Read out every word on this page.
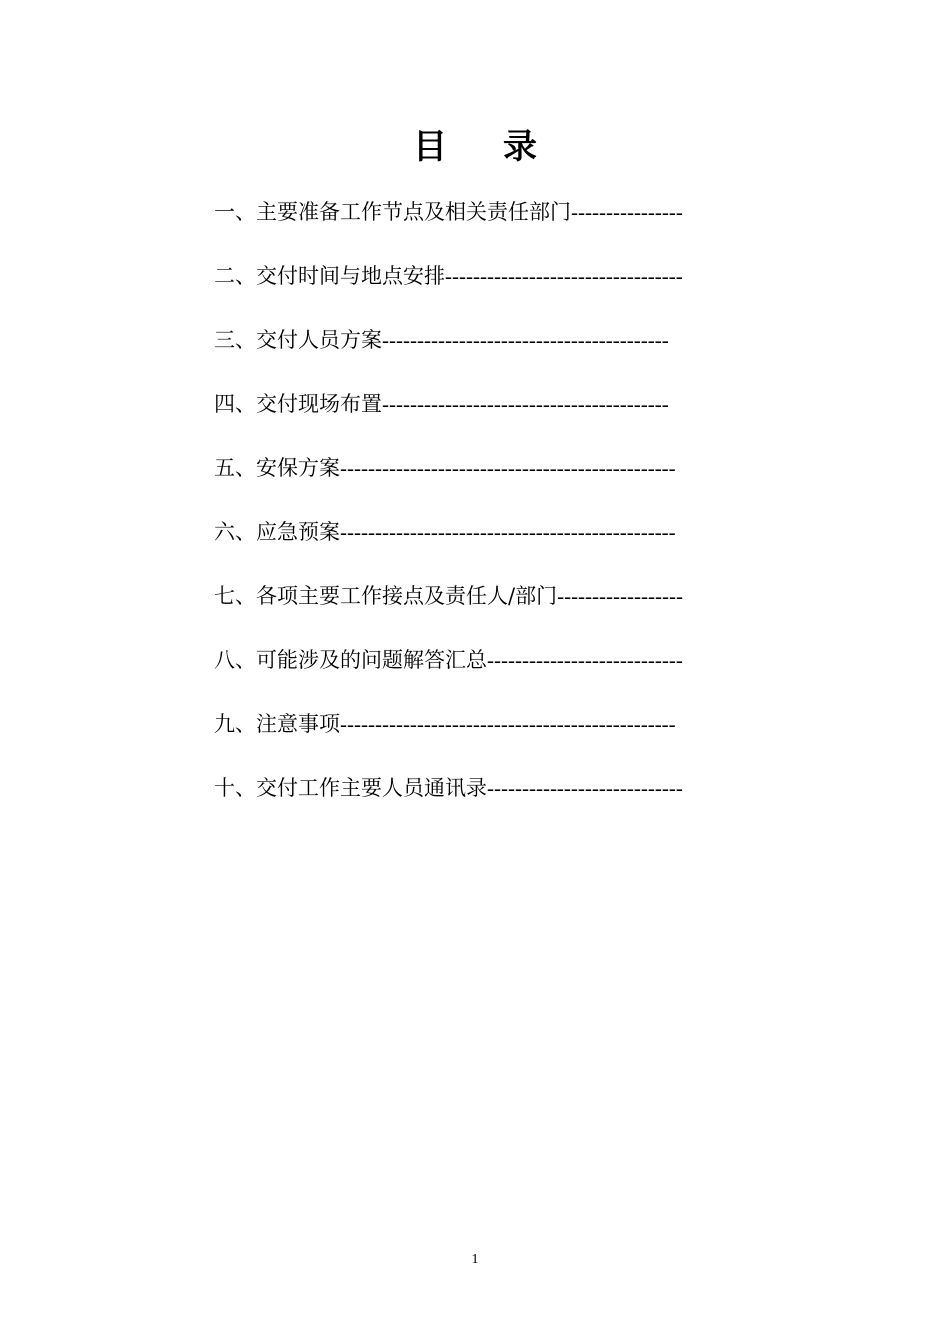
目录
一、主要准备工作节点及相关责任部门 ----------------
二、交付时间与地点安排 ----------------------------------
三、交付人员方案 -----------------------------------------
四、交付现场布置 -----------------------------------------
五、安保方案 ------------------------------------------------
六、应急预案 ------------------------------------------------
七、各项主要工作接点及责任人/部门 ------------------
八、可能涉及的问题解答汇总 ----------------------------
九、注意事项 ------------------------------------------------
十、交付工作主要人员通讯录 ----------------------------
1
